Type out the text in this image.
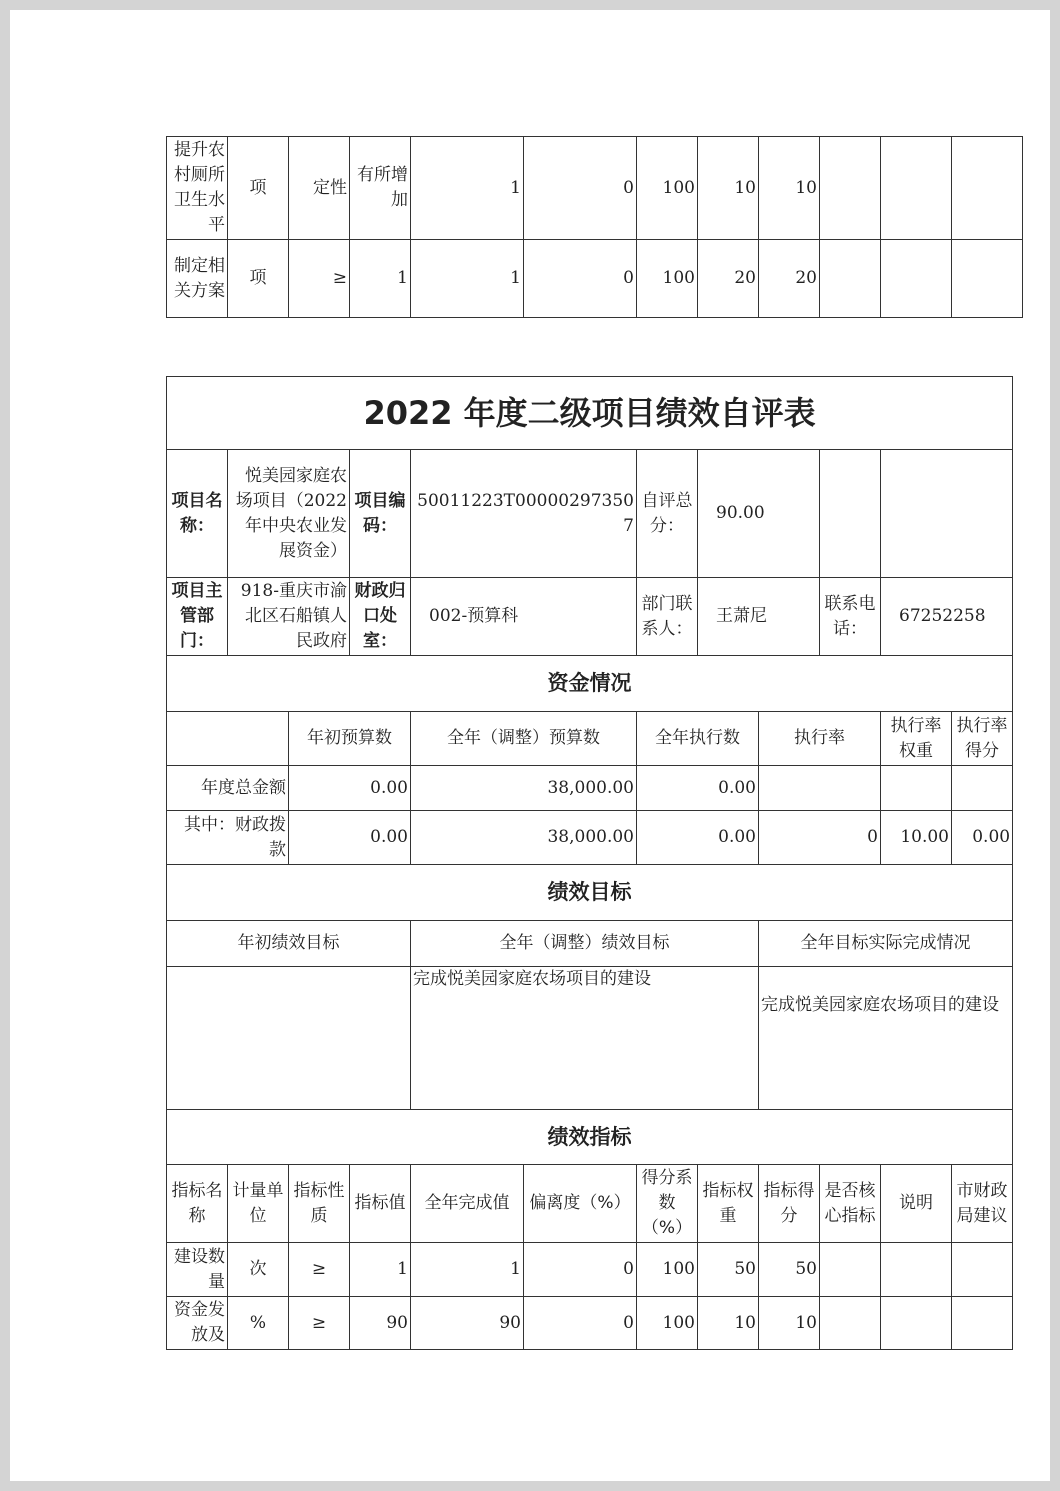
提升农村厕所卫生水平	项	定性	有所增加	1	0	100	10	10			
制定相关方案	项	≥	1	1	0	100	20	20			
2022 年度二级项目绩效自评表											
项目名称：	悦美园家庭农场项目（2022 年中央农业发展资金）		项目编码：	50011223T000002973507		自评总分：	90.00				
项目主管部门：	918-重庆市渝北区石船镇人民政府		财政归口处室：	002-预算科		部门联系人：	王萧尼		联系电话：	67252258	
资金情况											
		年初预算数		全年（调整）预算数		全年执行数		执行率		执行率权重	执行率得分
年度总金额		0.00		38,000.00		0.00					
其中：财政拨款		0.00		38,000.00		0.00		0		10.00	0.00
绩效目标											
年初绩效目标				全年（调整）绩效目标				全年目标实际完成情况			
				完成悦美园家庭农场项目的建设				完成悦美园家庭农场项目的建设			
绩效指标											
指标名称	计量单位	指标性质	指标值	全年完成值	偏离度（%）	得分系数（%）	指标权重	指标得分	是否核心指标	说明	市财政局建议
建设数量	次	≥	1	1	0	100	50	50			
资金发放及	%	≥	90	90	0	100	10	10			
